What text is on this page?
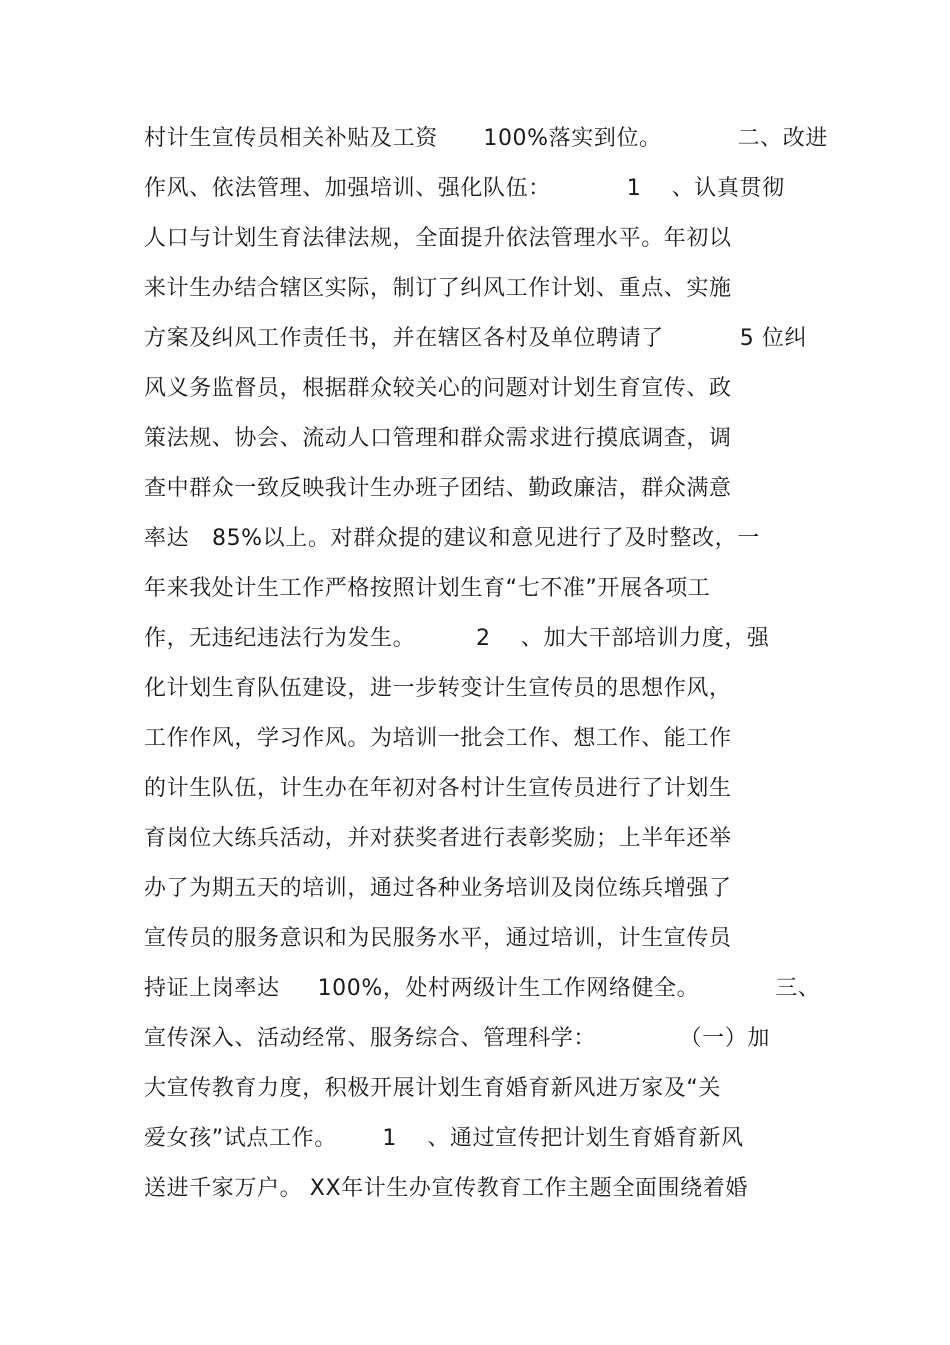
村计生宣传员相关补贴及工资      100%落实到位。          二、改进
作风、依法管理、加强培训、强化队伍：          1    、认真贯彻
人口与计划生育法律法规，全面提升依法管理水平。年初以
来计生办结合辖区实际，制订了纠风工作计划、重点、实施
方案及纠风工作责任书，并在辖区各村及单位聘请了          5 位纠
风义务监督员，根据群众较关心的问题对计划生育宣传、政
策法规、协会、流动人口管理和群众需求进行摸底调查，调
查中群众一致反映我计生办班子团结、勤政廉洁，群众满意
率达   85%以上。对群众提的建议和意见进行了及时整改，一
年来我处计生工作严格按照计划生育“七不准”开展各项工
作，无违纪违法行为发生。        2    、加大干部培训力度，强
化计划生育队伍建设，进一步转变计生宣传员的思想作风，
工作作风，学习作风。为培训一批会工作、想工作、能工作
的计生队伍，计生办在年初对各村计生宣传员进行了计划生
育岗位大练兵活动，并对获奖者进行表彰奖励；上半年还举
办了为期五天的培训，通过各种业务培训及岗位练兵增强了
宣传员的服务意识和为民服务水平，通过培训，计生宣传员
持证上岗率达     100%，处村两级计生工作网络健全。          三、
宣传深入、活动经常、服务综合、管理科学：           （一）加
大宣传教育力度，积极开展计划生育婚育新风进万家及“关
爱女孩”试点工作。      1    、通过宣传把计划生育婚育新风
送进千家万户。 XX年计生办宣传教育工作主题全面围绕着婚
